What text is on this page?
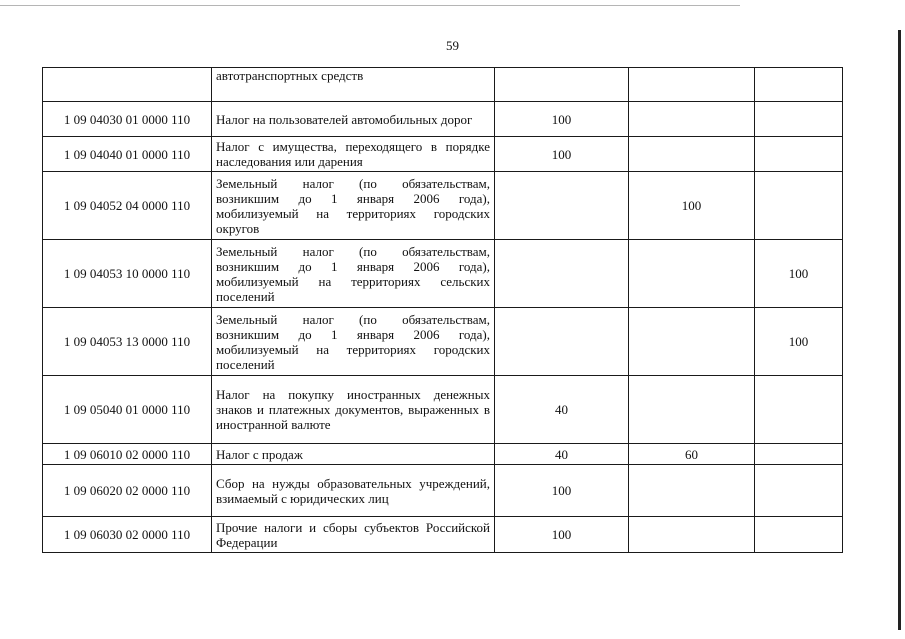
59
	автотранспортных средств			
1 09 04030 01 0000 110	Налог на пользователей автомобильных дорог	100		
1 09 04040 01 0000 110	Налог с имущества, переходящего в порядке наследования или дарения	100		
1 09 04052 04 0000 110	Земельный налог (по обязательствам, возникшим до 1 января 2006 года), мобилизуемый на территориях городских округов		100	
1 09 04053 10 0000 110	Земельный налог (по обязательствам, возникшим до 1 января 2006 года), мобилизуемый на территориях сельских поселений			100
1 09 04053 13 0000 110	Земельный налог (по обязательствам, возникшим до 1 января 2006 года), мобилизуемый на территориях городских поселений			100
1 09 05040 01 0000 110	Налог на покупку иностранных денежных знаков и платежных документов, выраженных в иностранной валюте	40		
1 09 06010 02 0000 110	Налог с продаж	40	60	
1 09 06020 02 0000 110	Сбор на нужды образовательных учреждений, взимаемый с юридических лиц	100		
1 09 06030 02 0000 110	Прочие налоги и сборы субъектов Российской Федерации	100		
